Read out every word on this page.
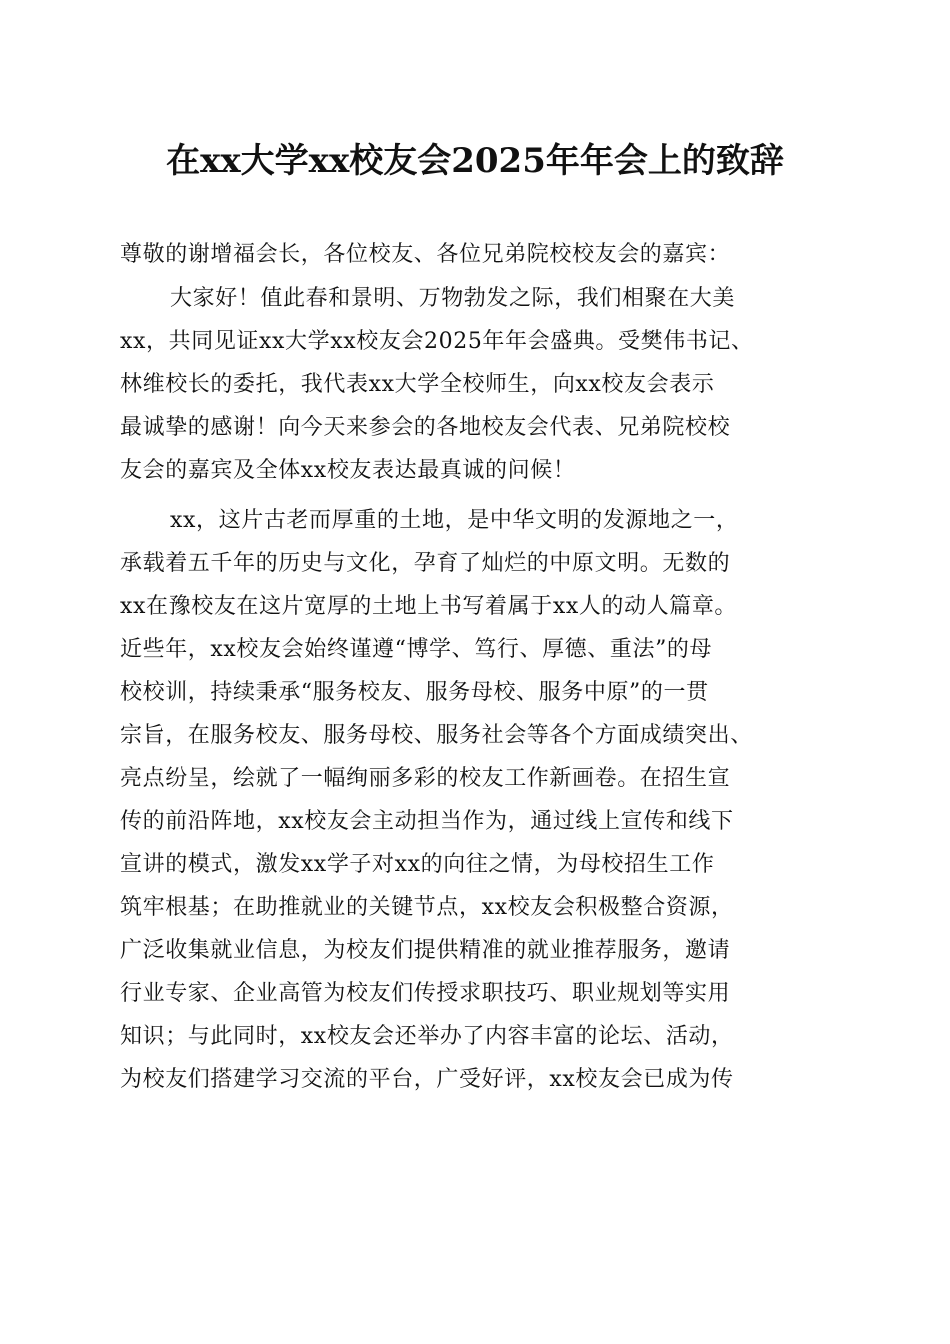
在xx大学xx校友会2025年年会上的致辞
尊敬的谢增福会长，各位校友、各位兄弟院校校友会的嘉宾：
大家好！值此春和景明、万物勃发之际，我们相聚在大美
xx，共同见证xx大学xx校友会2025年年会盛典。受樊伟书记、
林维校长的委托，我代表xx大学全校师生，向xx校友会表示
最诚挚的感谢！向今天来参会的各地校友会代表、兄弟院校校
友会的嘉宾及全体xx校友表达最真诚的问候！
xx，这片古老而厚重的土地，是中华文明的发源地之一，
承载着五千年的历史与文化，孕育了灿烂的中原文明。无数的
xx在豫校友在这片宽厚的土地上书写着属于xx人的动人篇章。
近些年，xx校友会始终谨遵“博学、笃行、厚德、重法”的母
校校训，持续秉承“服务校友、服务母校、服务中原”的一贯
宗旨，在服务校友、服务母校、服务社会等各个方面成绩突出、
亮点纷呈，绘就了一幅绚丽多彩的校友工作新画卷。在招生宣
传的前沿阵地，xx校友会主动担当作为，通过线上宣传和线下
宣讲的模式，激发xx学子对xx的向往之情，为母校招生工作
筑牢根基；在助推就业的关键节点，xx校友会积极整合资源，
广泛收集就业信息，为校友们提供精准的就业推荐服务，邀请
行业专家、企业高管为校友们传授求职技巧、职业规划等实用
知识；与此同时，xx校友会还举办了内容丰富的论坛、活动，
为校友们搭建学习交流的平台，广受好评，xx校友会已成为传
